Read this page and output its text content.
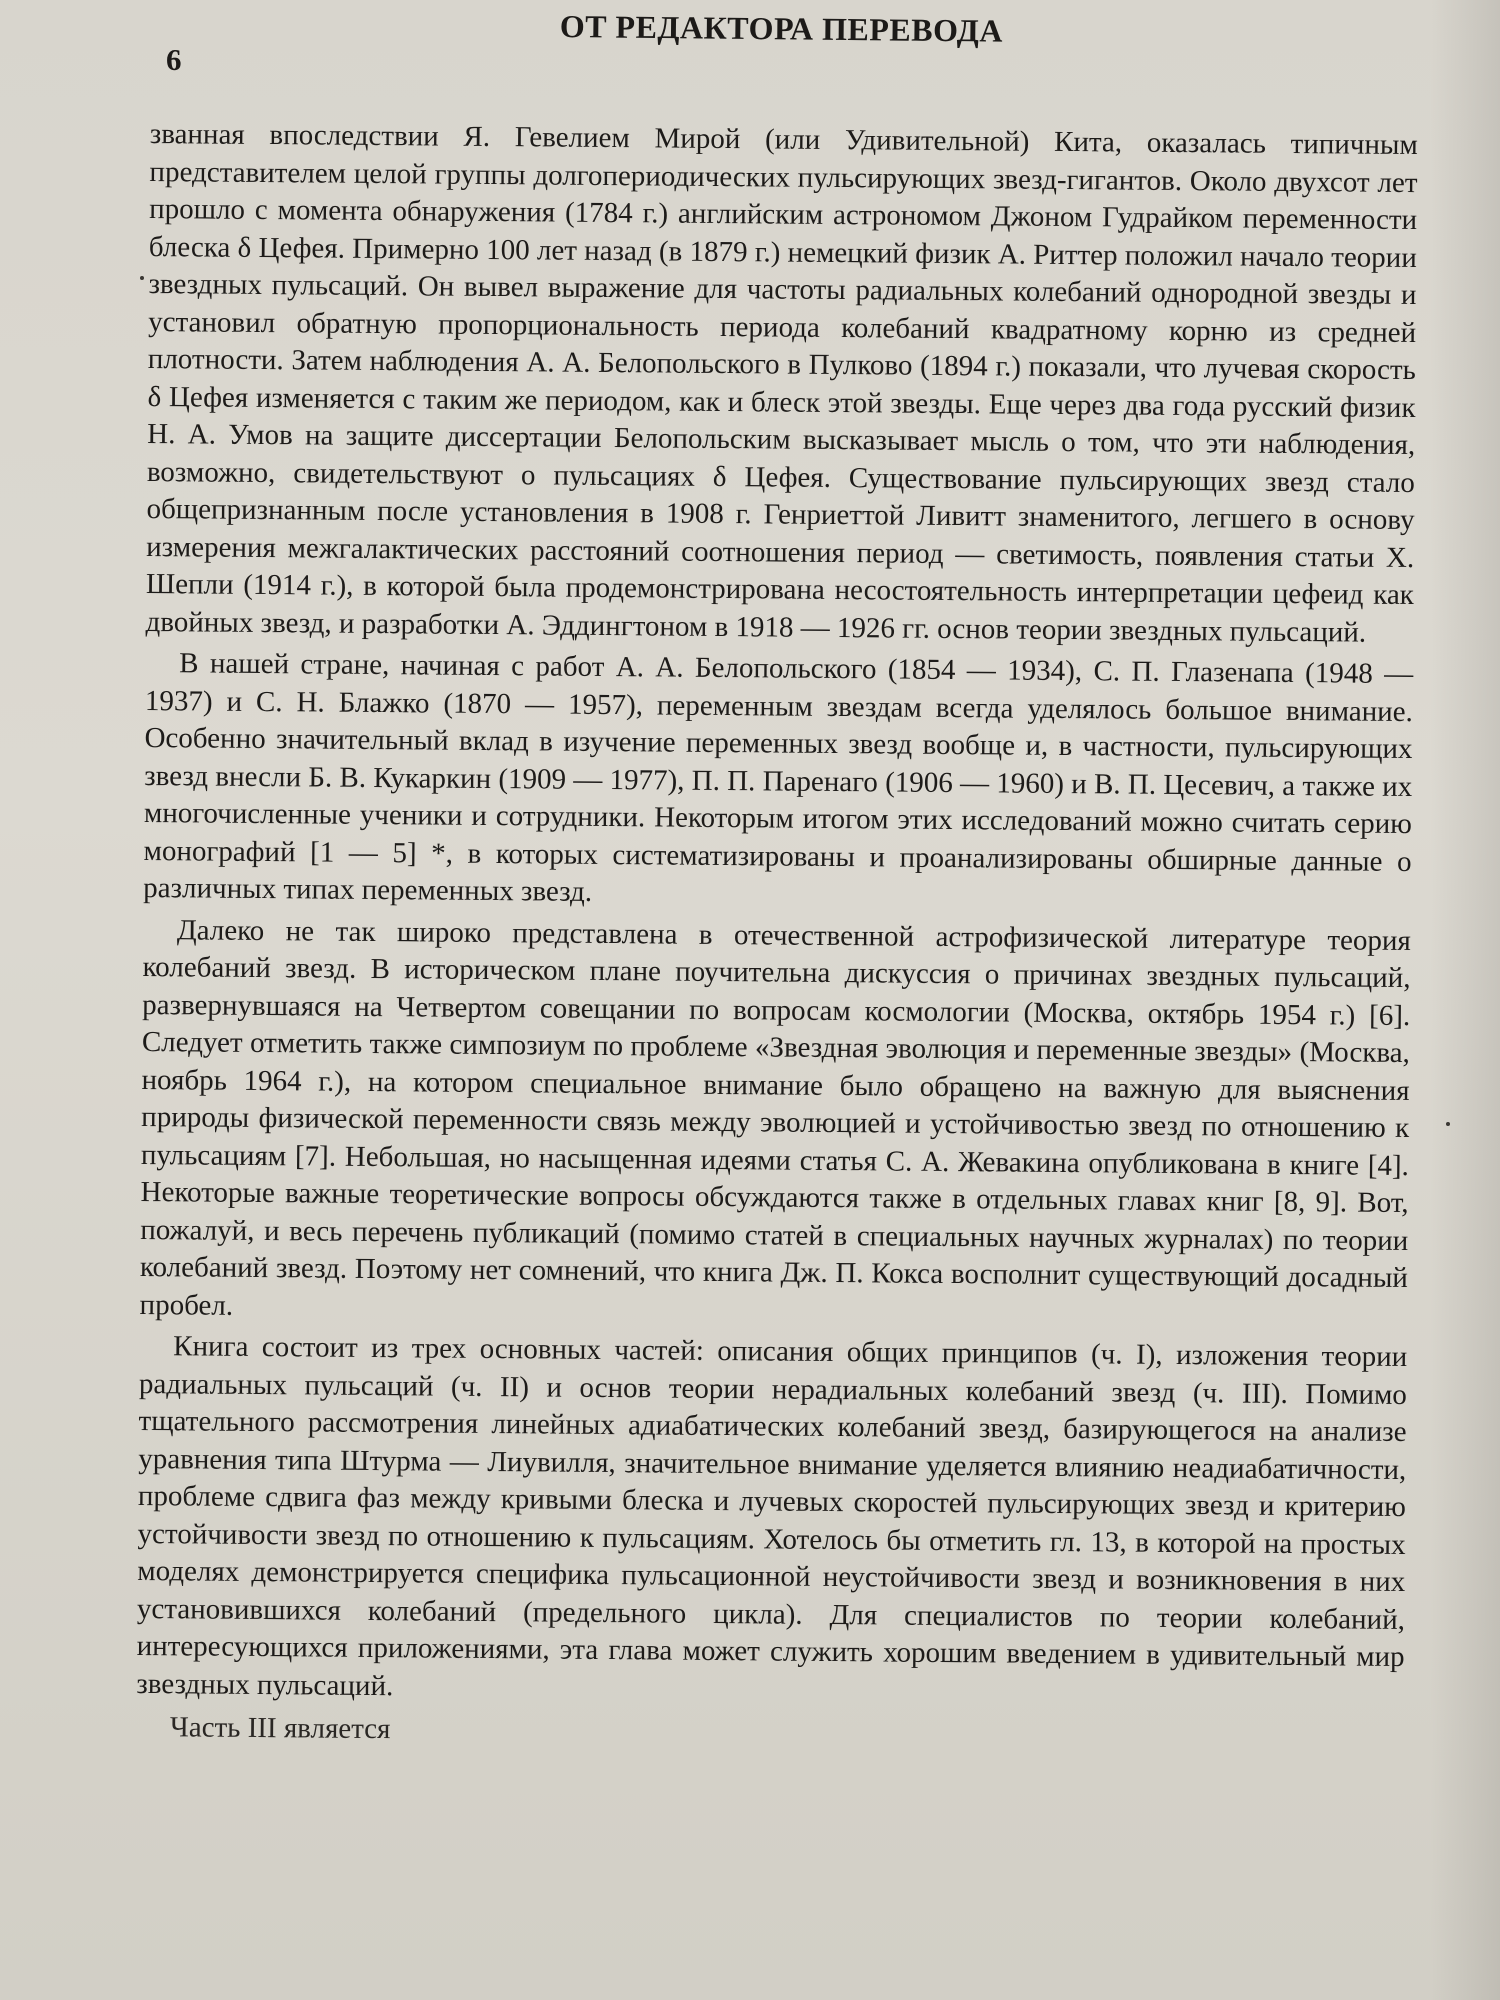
6
ОТ РЕДАКТОРА ПЕРЕВОДА

званная впоследствии Я. Гевелием Мирой (или Удивительной) Кита, оказалась типичным представителем целой группы долгопериодических пульсирующих звезд-гигантов. Около двухсот лет прошло с момента обнаружения (1784 г.) английским астрономом Джоном Гудрайком переменности блеска δ Цефея. Примерно 100 лет назад (в 1879 г.) немецкий физик А. Риттер положил начало теории звездных пульсаций. Он вывел выражение для частоты радиальных колебаний однородной звезды и установил обратную пропорциональность периода колебаний квадратному корню из средней плотности. Затем наблюдения А. А. Белопольского в Пулково (1894 г.) показали, что лучевая скорость δ Цефея изменяется с таким же периодом, как и блеск этой звезды. Еще через два года русский физик Н. А. Умов на защите диссертации Белопольским высказывает мысль о том, что эти наблюдения, возможно, свидетельствуют о пульсациях δ Цефея. Существование пульсирующих звезд стало общепризнанным после установления в 1908 г. Генриеттой Ливитт знаменитого, легшего в основу измерения межгалактических расстояний соотношения период — светимость, появления статьи Х. Шепли (1914 г.), в которой была продемонстрирована несостоятельность интерпретации цефеид как двойных звезд, и разработки А. Эддингтоном в 1918 — 1926 гг. основ теории звездных пульсаций.

В нашей стране, начиная с работ А. А. Белопольского (1854 — 1934), С. П. Глазенапа (1948 — 1937) и С. Н. Блажко (1870 — 1957), переменным звездам всегда уделялось большое внимание. Особенно значительный вклад в изучение переменных звезд вообще и, в частности, пульсирующих звезд внесли Б. В. Кукаркин (1909 — 1977), П. П. Паренаго (1906 — 1960) и В. П. Цесевич, а также их многочисленные ученики и сотрудники. Некоторым итогом этих исследований можно считать серию монографий [1 — 5] *, в которых систематизированы и проанализированы обширные данные о различных типах переменных звезд.

Далеко не так широко представлена в отечественной астрофизической литературе теория колебаний звезд. В историческом плане поучительна дискуссия о причинах звездных пульсаций, развернувшаяся на Четвертом совещании по вопросам космологии (Москва, октябрь 1954 г.) [6]. Следует отметить также симпозиум по проблеме «Звездная эволюция и переменные звезды» (Москва, ноябрь 1964 г.), на котором специальное внимание было обращено на важную для выяснения природы физической переменности связь между эволюцией и устойчивостью звезд по отношению к пульсациям [7]. Небольшая, но насыщенная идеями статья С. А. Жевакина опубликована в книге [4]. Некоторые важные теоретические вопросы обсуждаются также в отдельных главах книг [8, 9]. Вот, пожалуй, и весь перечень публикаций (помимо статей в специальных научных журналах) по теории колебаний звезд. Поэтому нет сомнений, что книга Дж. П. Кокса восполнит существующий досадный пробел.

Книга состоит из трех основных частей: описания общих принципов (ч. I), изложения теории радиальных пульсаций (ч. II) и основ теории нерадиальных колебаний звезд (ч. III). Помимо тщательного рассмотрения линейных адиабатических колебаний звезд, базирующегося на анализе уравнения типа Штурма — Лиувилля, значительное внимание уделяется влиянию неадиабатичности, проблеме сдвига фаз между кривыми блеска и лучевых скоростей пульсирующих звезд и критерию устойчивости звезд по отношению к пульсациям. Хотелось бы отметить гл. 13, в которой на простых моделях демонстрируется специфика пульсационной неустойчивости звезд и возникновения в них установившихся колебаний (предельного цикла). Для специалистов по теории колебаний, интересующихся приложениями, эта глава может служить хорошим введением в удивительный мир звездных пульсаций.

Часть III является
